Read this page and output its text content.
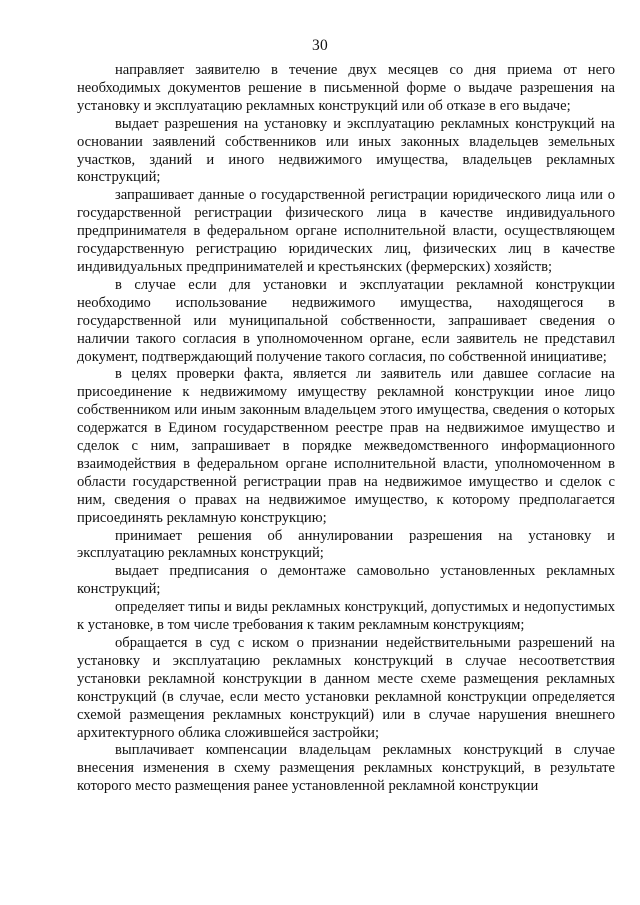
30

направляет заявителю в течение двух месяцев со дня приема от него необходимых документов решение в письменной форме о выдаче разрешения на установку и эксплуатацию рекламных конструкций или об отказе в его выдаче;

выдает разрешения на установку и эксплуатацию рекламных конструкций на основании заявлений собственников или иных законных владельцев земельных участков, зданий и иного недвижимого имущества, владельцев рекламных конструкций;

запрашивает данные о государственной регистрации юридического лица или о государственной регистрации физического лица в качестве индивидуального предпринимателя в федеральном органе исполнительной власти, осуществляющем государственную регистрацию юридических лиц, физических лиц в качестве индивидуальных предпринимателей и крестьянских (фермерских) хозяйств;

в случае если для установки и эксплуатации рекламной конструкции необходимо использование недвижимого имущества, находящегося в государственной или муниципальной собственности, запрашивает сведения о наличии такого согласия в уполномоченном органе, если заявитель не представил документ, подтверждающий получение такого согласия, по собственной инициативе;

в целях проверки факта, является ли заявитель или давшее согласие на присоединение к недвижимому имуществу рекламной конструкции иное лицо собственником или иным законным владельцем этого имущества, сведения о которых содержатся в Едином государственном реестре прав на недвижимое имущество и сделок с ним, запрашивает в порядке межведомственного информационного взаимодействия в федеральном органе исполнительной власти, уполномоченном в области государственной регистрации прав на недвижимое имущество и сделок с ним, сведения о правах на недвижимое имущество, к которому предполагается присоединять рекламную конструкцию;

принимает решения об аннулировании разрешения на установку и эксплуатацию рекламных конструкций;

выдает предписания о демонтаже самовольно установленных рекламных конструкций;

определяет типы и виды рекламных конструкций, допустимых и недопустимых к установке, в том числе требования к таким рекламным конструкциям;

обращается в суд с иском о признании недействительными разрешений на установку и эксплуатацию рекламных конструкций в случае несоответствия установки рекламной конструкции в данном месте схеме размещения рекламных конструкций (в случае, если место установки рекламной конструкции определяется схемой размещения рекламных конструкций) или в случае нарушения внешнего архитектурного облика сложившейся застройки;

выплачивает компенсации владельцам рекламных конструкций в случае внесения изменения в схему размещения рекламных конструкций, в результате которого место размещения ранее установленной рекламной конструкции
